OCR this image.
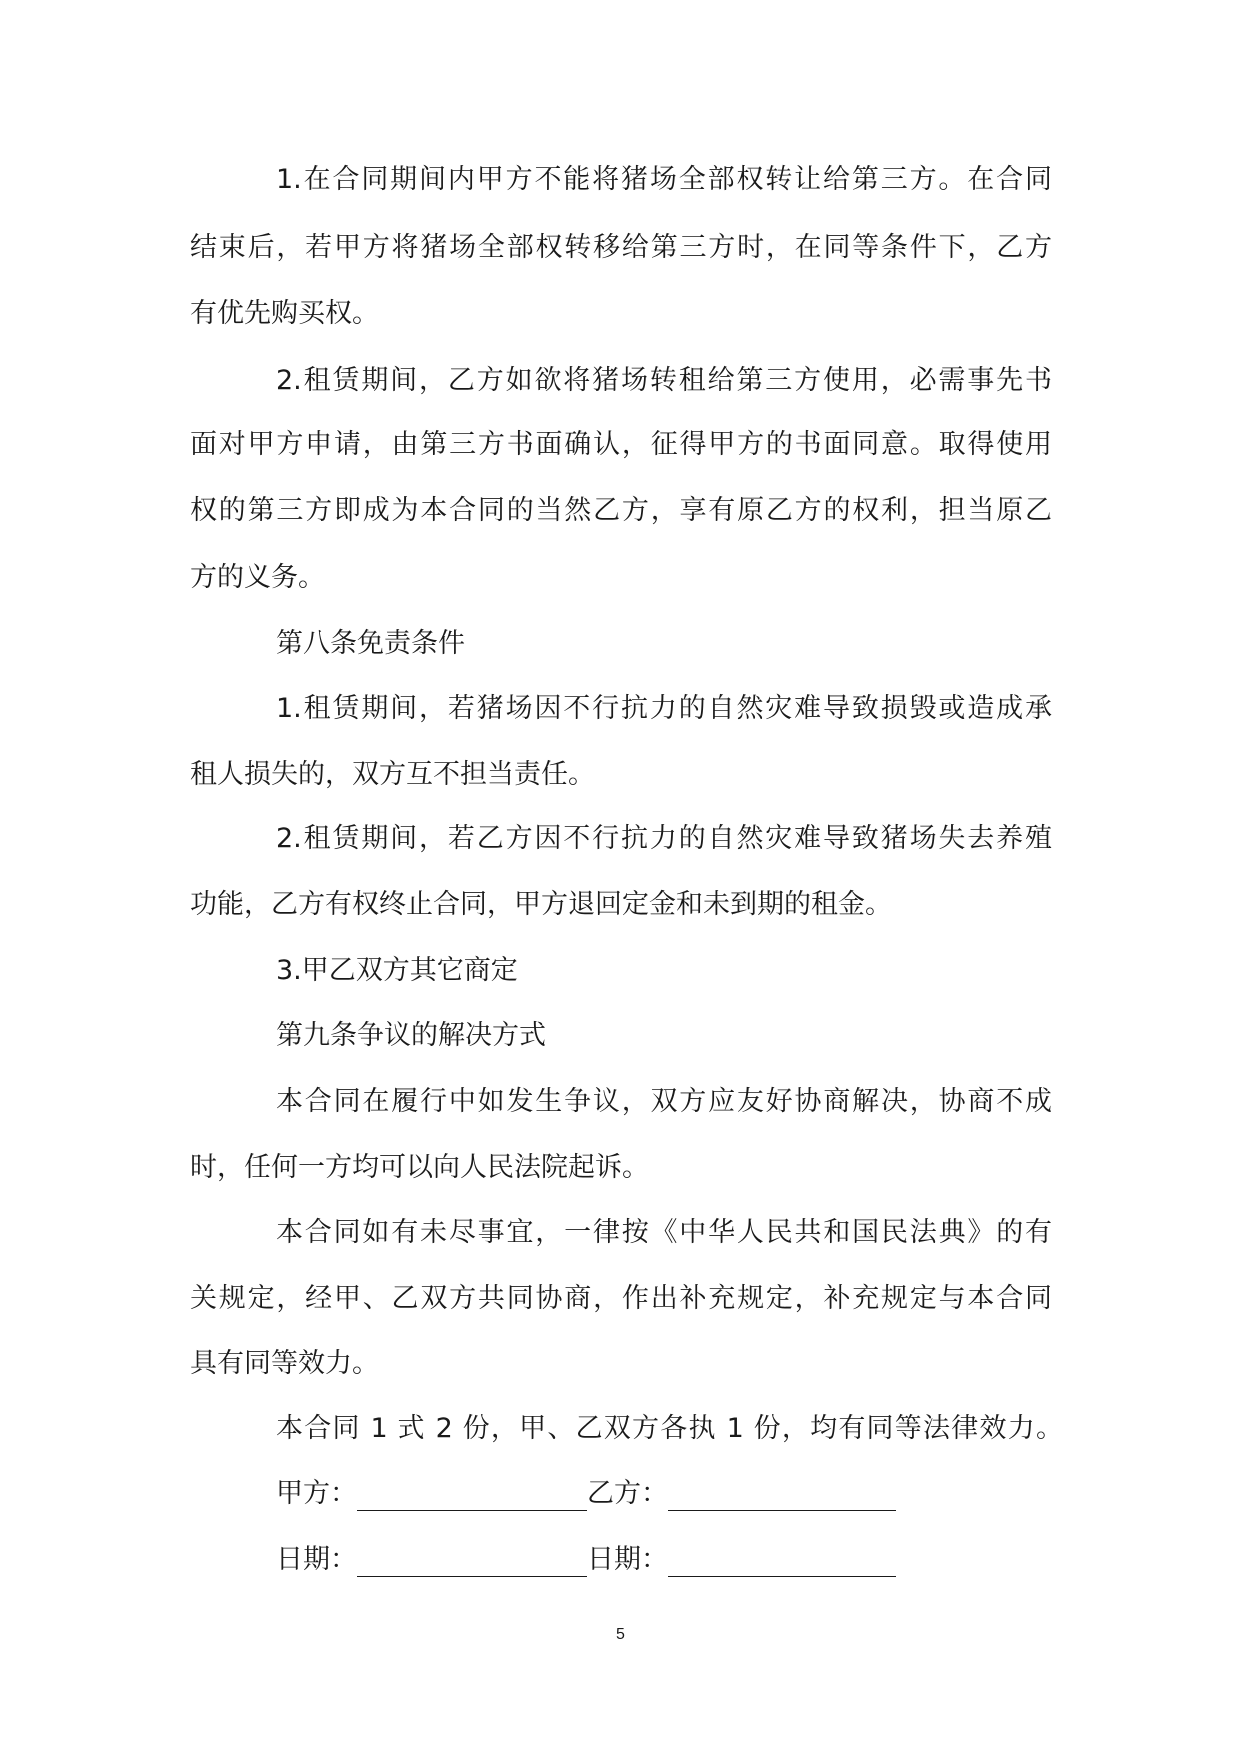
1.在合同期间内甲方不能将猪场全部权转让给第三方。在合同
结束后，若甲方将猪场全部权转移给第三方时，在同等条件下，乙方
有优先购买权。
2.租赁期间，乙方如欲将猪场转租给第三方使用，必需事先书
面对甲方申请，由第三方书面确认，征得甲方的书面同意。取得使用
权的第三方即成为本合同的当然乙方，享有原乙方的权利，担当原乙
方的义务。
第八条免责条件
1.租赁期间，若猪场因不行抗力的自然灾难导致损毁或造成承
租人损失的，双方互不担当责任。
2.租赁期间，若乙方因不行抗力的自然灾难导致猪场失去养殖
功能，乙方有权终止合同，甲方退回定金和未到期的租金。
3.甲乙双方其它商定
第九条争议的解决方式
本合同在履行中如发生争议，双方应友好协商解决，协商不成
时，任何一方均可以向人民法院起诉。
本合同如有未尽事宜，一律按《中华人民共和国民法典》的有
关规定，经甲、乙双方共同协商，作出补充规定，补充规定与本合同
具有同等效力。
本合同 1 式 2 份，甲、乙双方各执 1 份，均有同等法律效力。
甲方：	乙方：
日期：	日期：
5
